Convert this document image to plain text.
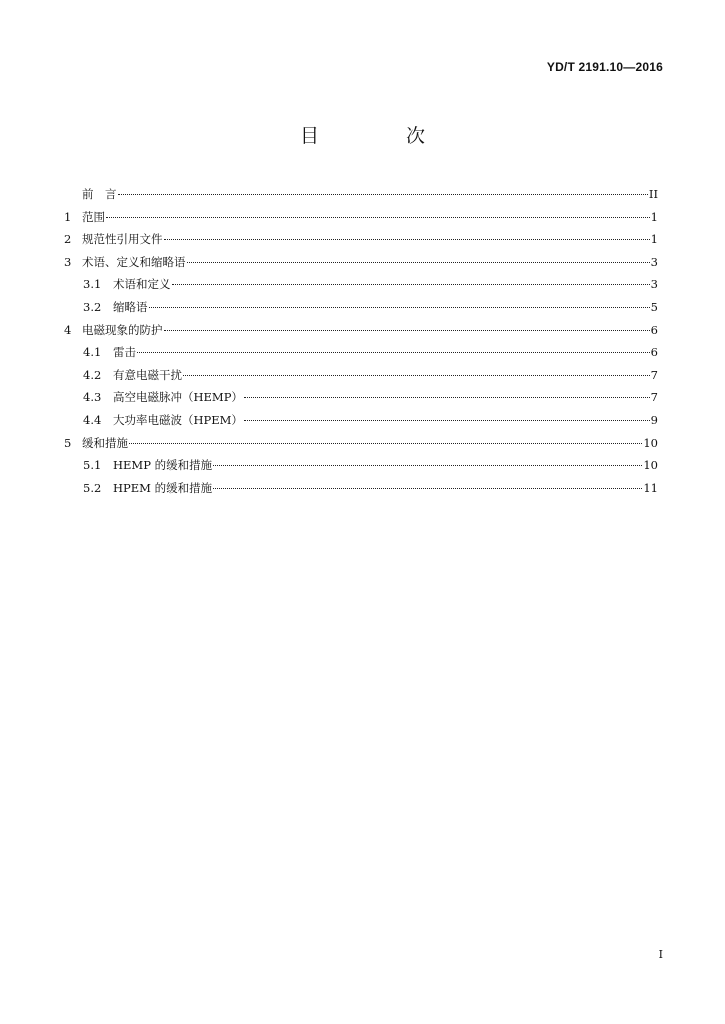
YD/T 2191.10—2016
目　次
前　言	II
1 范围	1
2 规范性引用文件	1
3 术语、定义和缩略语	3
3.1	术语和定义	3
3.2	缩略语	5
4 电磁现象的防护	6
4.1	雷击	6
4.2	有意电磁干扰	7
4.3	高空电磁脉冲（HEMP）	7
4.4	大功率电磁波（HPEM）	9
5 缓和措施	10
5.1	HEMP 的缓和措施	10
5.2	HPEM 的缓和措施	11
I
